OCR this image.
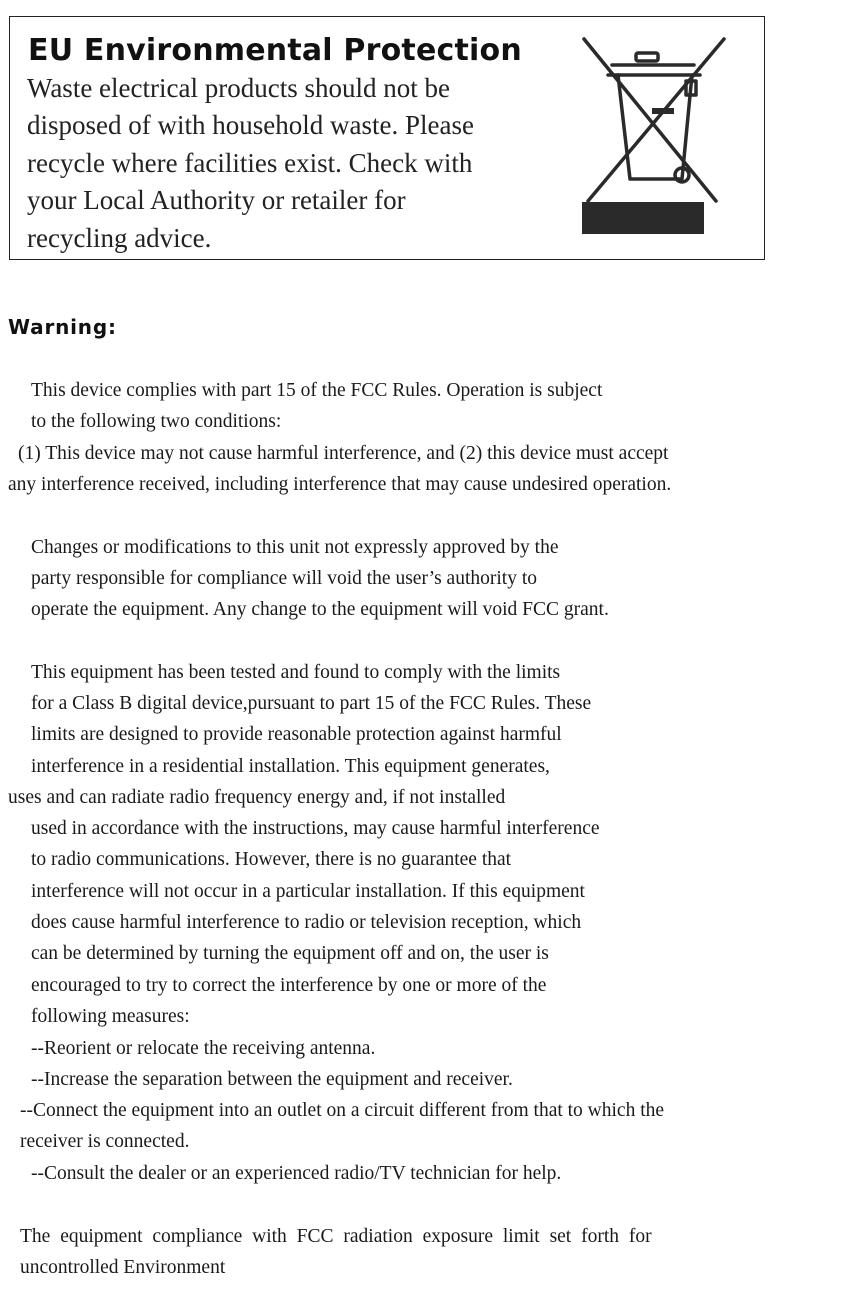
EU Environmental Protection
Waste electrical products should not be
disposed of with household waste. Please
recycle where facilities exist. Check with
your Local Authority or retailer for
recycling advice.
Warning:
This device complies with part 15 of the FCC Rules. Operation is subject
to the following two conditions:
(1) This device may not cause harmful interference, and (2) this device must accept
any interference received, including interference that may cause undesired operation.
Changes or modifications to this unit not expressly approved by the
party responsible for compliance will void the user’s authority to
operate the equipment. Any change to the equipment will void FCC grant.
This equipment has been tested and found to comply with the limits
for a Class B digital device,pursuant to part 15 of the FCC Rules. These
limits are designed to provide reasonable protection against harmful
interference in a residential installation. This equipment generates,
uses and can radiate radio frequency energy and, if not installed
used in accordance with the instructions, may cause harmful interference
to radio communications. However, there is no guarantee that
interference will not occur in a particular installation. If this equipment
does cause harmful interference to radio or television reception, which
can be determined by turning the equipment off and on, the user is
encouraged to try to correct the interference by one or more of the
following measures:
--Reorient or relocate the receiving antenna.
--Increase the separation between the equipment and receiver.
--Connect the equipment into an outlet on a circuit different from that to which the
receiver is connected.
--Consult the dealer or an experienced radio/TV technician for help.
The equipment compliance with FCC radiation exposure limit set forth for
uncontrolled Environment
